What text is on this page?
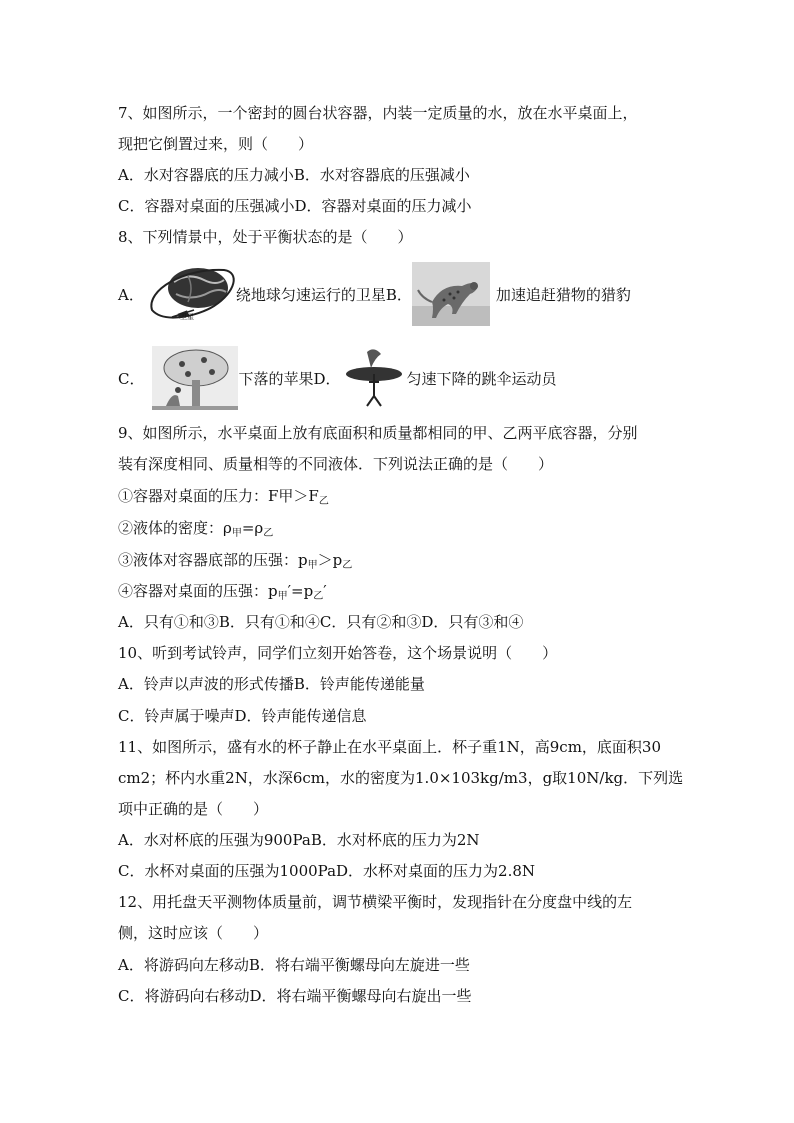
7、如图所示，一个密封的圆台状容器，内装一定质量的水，放在水平桌面上，
现把它倒置过来，则（　　）
A．水对容器底的压力减小B．水对容器底的压强减小
C．容器对桌面的压强减小D．容器对桌面的压力减小
8、下列情景中，处于平衡状态的是（　　）
A．
卫星
绕地球匀速运行的卫星 B．	加速追赶猎物的猎豹
C．	下落的苹果 D．	匀速下降的跳伞运动员
9、如图所示，水平桌面上放有底面积和质量都相同的甲、乙两平底容器，分别
装有深度相同、质量相等的不同液体．下列说法正确的是（　　）
①容器对桌面的压力：F甲$>F_乙$
②液体的密度：$\rho_甲=\rho_乙$
③液体对容器底部的压强：$p_甲>p_乙$
④容器对桌面的压强：$p_甲'=p_乙'$
A．只有①和③B．只有①和④C．只有②和③D．只有③和④
10、听到考试铃声，同学们立刻开始答卷，这个场景说明（　　）
A．铃声以声波的形式传播B．铃声能传递能量
C．铃声属于噪声D．铃声能传递信息
11、如图所示，盛有水的杯子静止在水平桌面上．杯子重1N，高9cm，底面积30
cm2；杯内水重2N，水深6cm，水的密度为1.0×103kg/m3，g取10N/kg．下列选
项中正确的是（　　）
A．水对杯底的压强为900PaB．水对杯底的压力为2N
C．水杯对桌面的压强为1000PaD．水杯对桌面的压力为2.8N
12、用托盘天平测物体质量前，调节横梁平衡时，发现指针在分度盘中线的左
侧，这时应该（　　）
A．将游码向左移动B．将右端平衡螺母向左旋进一些
C．将游码向右移动D．将右端平衡螺母向右旋出一些
